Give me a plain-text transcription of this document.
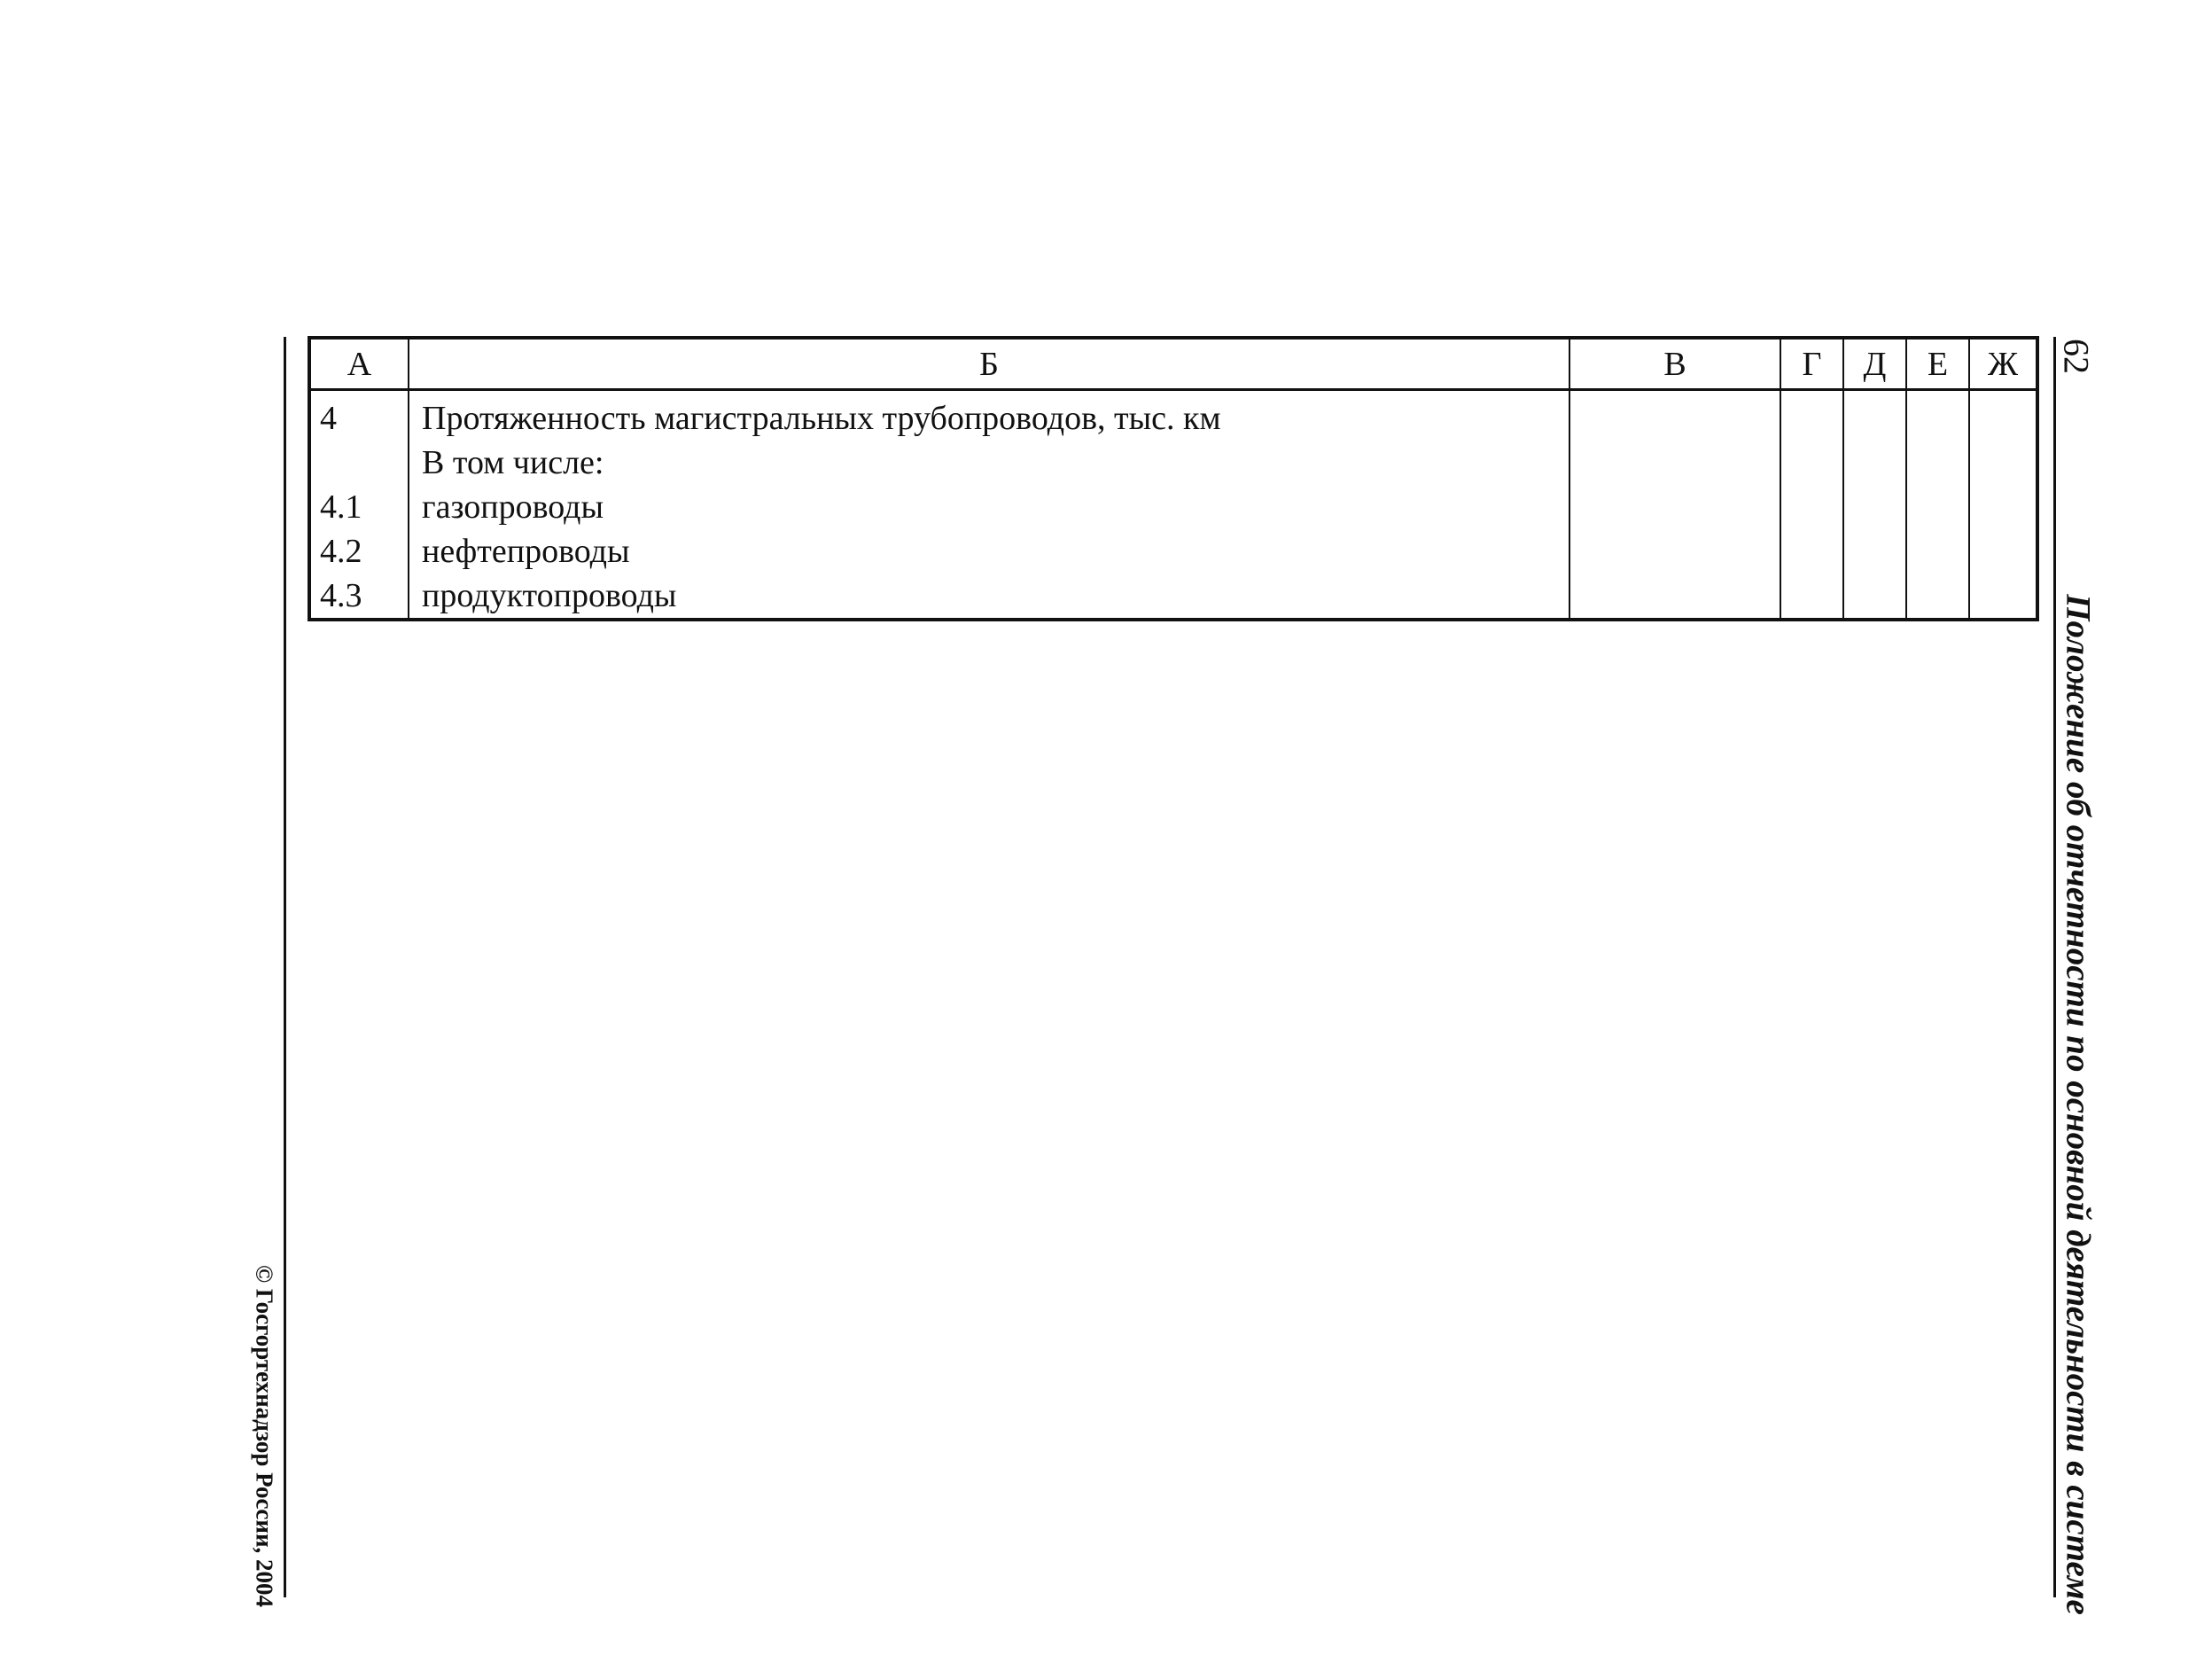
© Госгортехнадзор России, 2004	Положение об отчетности по основной деятельности в системе
62
А	Б	В	Г	Д	Е	Ж
4	Протяженность магистральных трубопроводов, тыс. км					
	В том числе:					
4.1	газопроводы					
4.2	нефтепроводы					
4.3	продуктопроводы					
